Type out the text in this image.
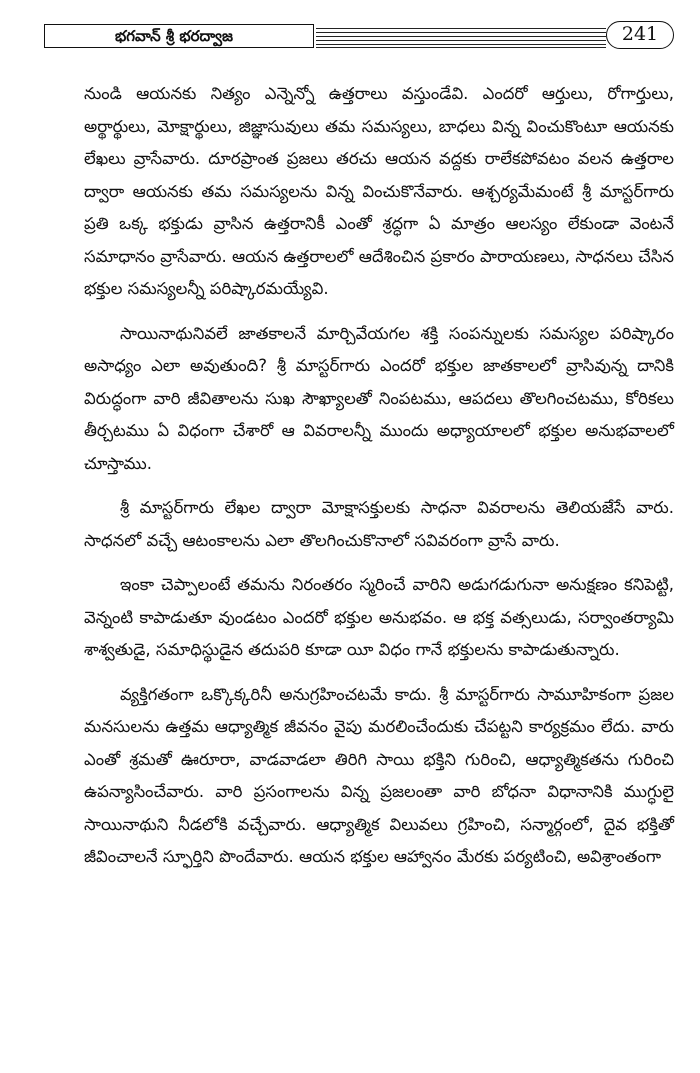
భగవాన్ శ్రీ భరద్వాజ	241

నుండి ఆయనకు నిత్యం ఎన్నెన్నో ఉత్తరాలు వస్తుండేవి. ఎందరో ఆర్తులు, రోగార్తులు, అర్థార్థులు, మోక్షార్థులు, జిజ్ఞాసువులు తమ సమస్యలు, బాధలు విన్న వించుకొంటూ ఆయనకు లేఖలు వ్రాసేవారు. దూరప్రాంత ప్రజలు తరచు ఆయన వద్దకు రాలేకపోవటం వలన ఉత్తరాల ద్వారా ఆయనకు తమ సమస్యలను విన్న వించుకొనేవారు. ఆశ్చర్యమేమంటే శ్రీ మాస్టర్‌గారు ప్రతి ఒక్క భక్తుడు వ్రాసిన ఉత్తరానికీ ఎంతో శ్రద్ధగా ఏ మాత్రం ఆలస్యం లేకుండా వెంటనే సమాధానం వ్రాసేవారు. ఆయన ఉత్తరాలలో ఆదేశించిన ప్రకారం పారాయణలు, సాధనలు చేసిన భక్తుల సమస్యలన్నీ పరిష్కారమయ్యేవి.

సాయినాథునివలే జాతకాలనే మార్చివేయగల శక్తి సంపన్నులకు సమస్యల పరిష్కారం అసాధ్యం ఎలా అవుతుంది? శ్రీ మాస్టర్‌గారు ఎందరో భక్తుల జాతకాలలో వ్రాసివున్న దానికి విరుద్ధంగా వారి జీవితాలను సుఖ సౌఖ్యాలతో నింపటము, ఆపదలు తొలగించటము, కోరికలు తీర్చటము ఏ విధంగా చేశారో ఆ వివరాలన్నీ ముందు అధ్యాయాలలో భక్తుల అనుభవాలలో చూస్తాము.

శ్రీ మాస్టర్‌గారు లేఖల ద్వారా మోక్షాసక్తులకు సాధనా వివరాలను తెలియజేసే వారు. సాధనలో వచ్చే ఆటంకాలను ఎలా తొలగించుకొనాలో సవివరంగా వ్రాసే వారు.

ఇంకా చెప్పాలంటే తమను నిరంతరం స్మరించే వారిని అడుగడుగునా అనుక్షణం కనిపెట్టి, వెన్నంటి కాపాడుతూ వుండటం ఎందరో భక్తుల అనుభవం. ఆ భక్త వత్సలుడు, సర్వాంతర్యామి శాశ్వతుడై, సమాధిస్థుడైన తదుపరి కూడా యీ విధం గానే భక్తులను కాపాడుతున్నారు.

వ్యక్తిగతంగా ఒక్కొక్కరినీ అనుగ్రహించటమే కాదు. శ్రీ మాస్టర్‌గారు సామూహికంగా ప్రజల మనసులను ఉత్తమ ఆధ్యాత్మిక జీవనం వైపు మరలించేందుకు చేపట్టని కార్యక్రమం లేదు. వారు ఎంతో శ్రమతో ఊరూరా, వాడవాడలా తిరిగి సాయి భక్తిని గురించి, ఆధ్యాత్మికతను గురించి ఉపన్యాసించేవారు. వారి ప్రసంగాలను విన్న ప్రజలంతా వారి బోధనా విధానానికి ముగ్ధులై సాయినాథుని నీడలోకి వచ్చేవారు. ఆధ్యాత్మిక విలువలు గ్రహించి, సన్మార్గంలో, దైవ భక్తితో జీవించాలనే స్ఫూర్తిని పొందేవారు. ఆయన భక్తుల ఆహ్వానం మేరకు పర్యటించి, అవిశ్రాంతంగా
